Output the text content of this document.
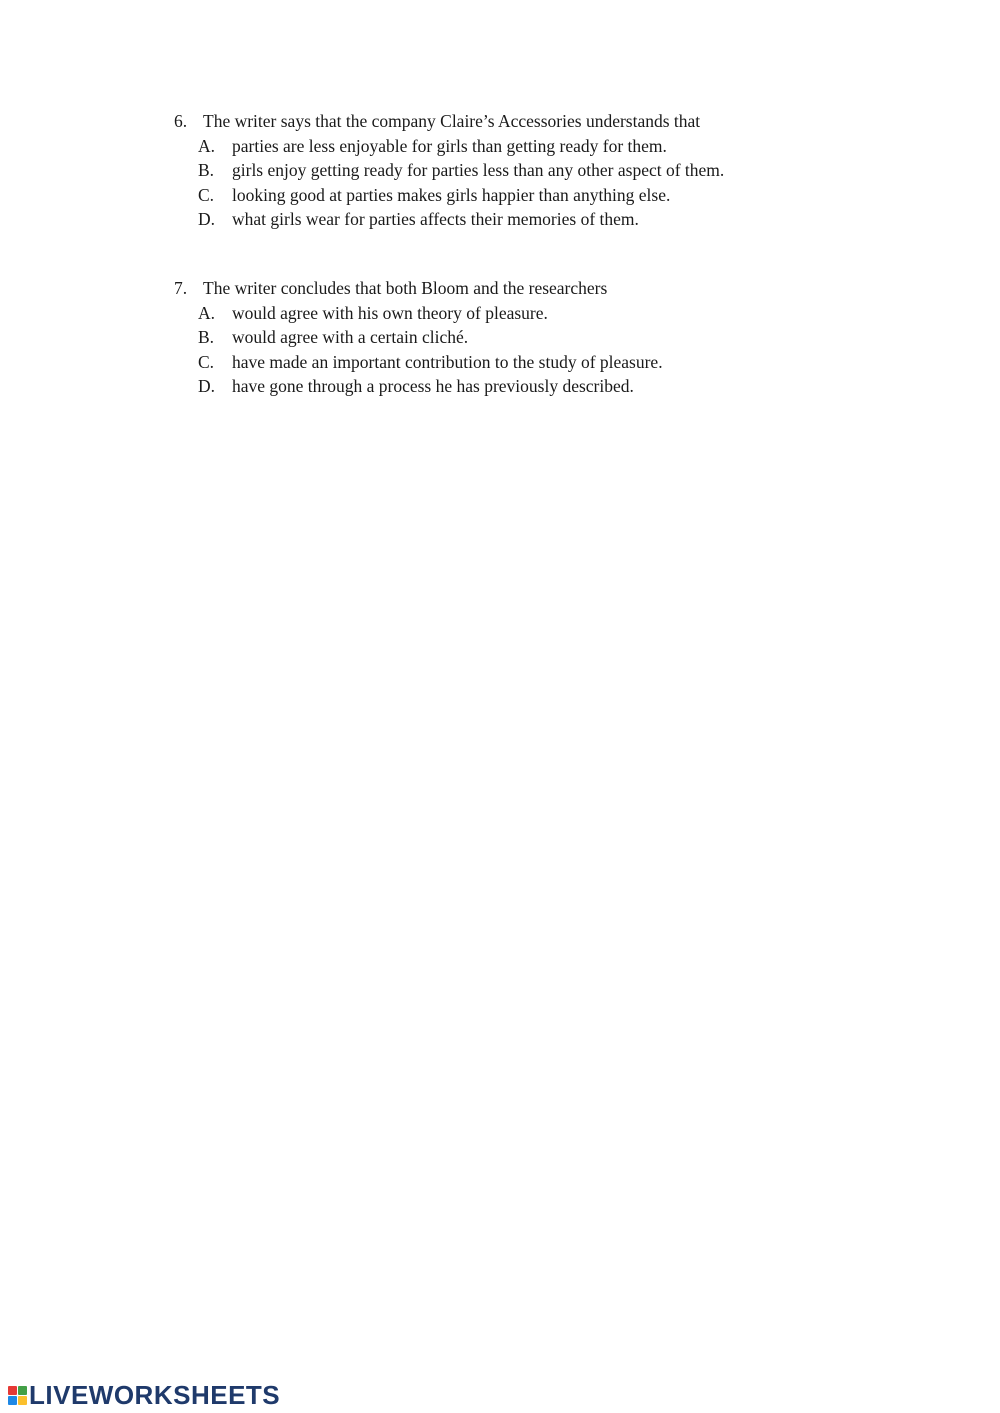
6. The writer says that the company Claire’s Accessories understands that
A. parties are less enjoyable for girls than getting ready for them.
B.	girls enjoy getting ready for parties less than any other aspect of them.
C.	looking good at parties makes girls happier than anything else.
D. what girls wear for parties affects their memories of them.
7. The writer concludes that both Bloom and the researchers
A. would agree with his own theory of pleasure.
B.	would agree with a certain cliché.
C.	have made an important contribution to the study of pleasure.
D. have gone through a process he has previously described.
LIVEWORKSHEETS
